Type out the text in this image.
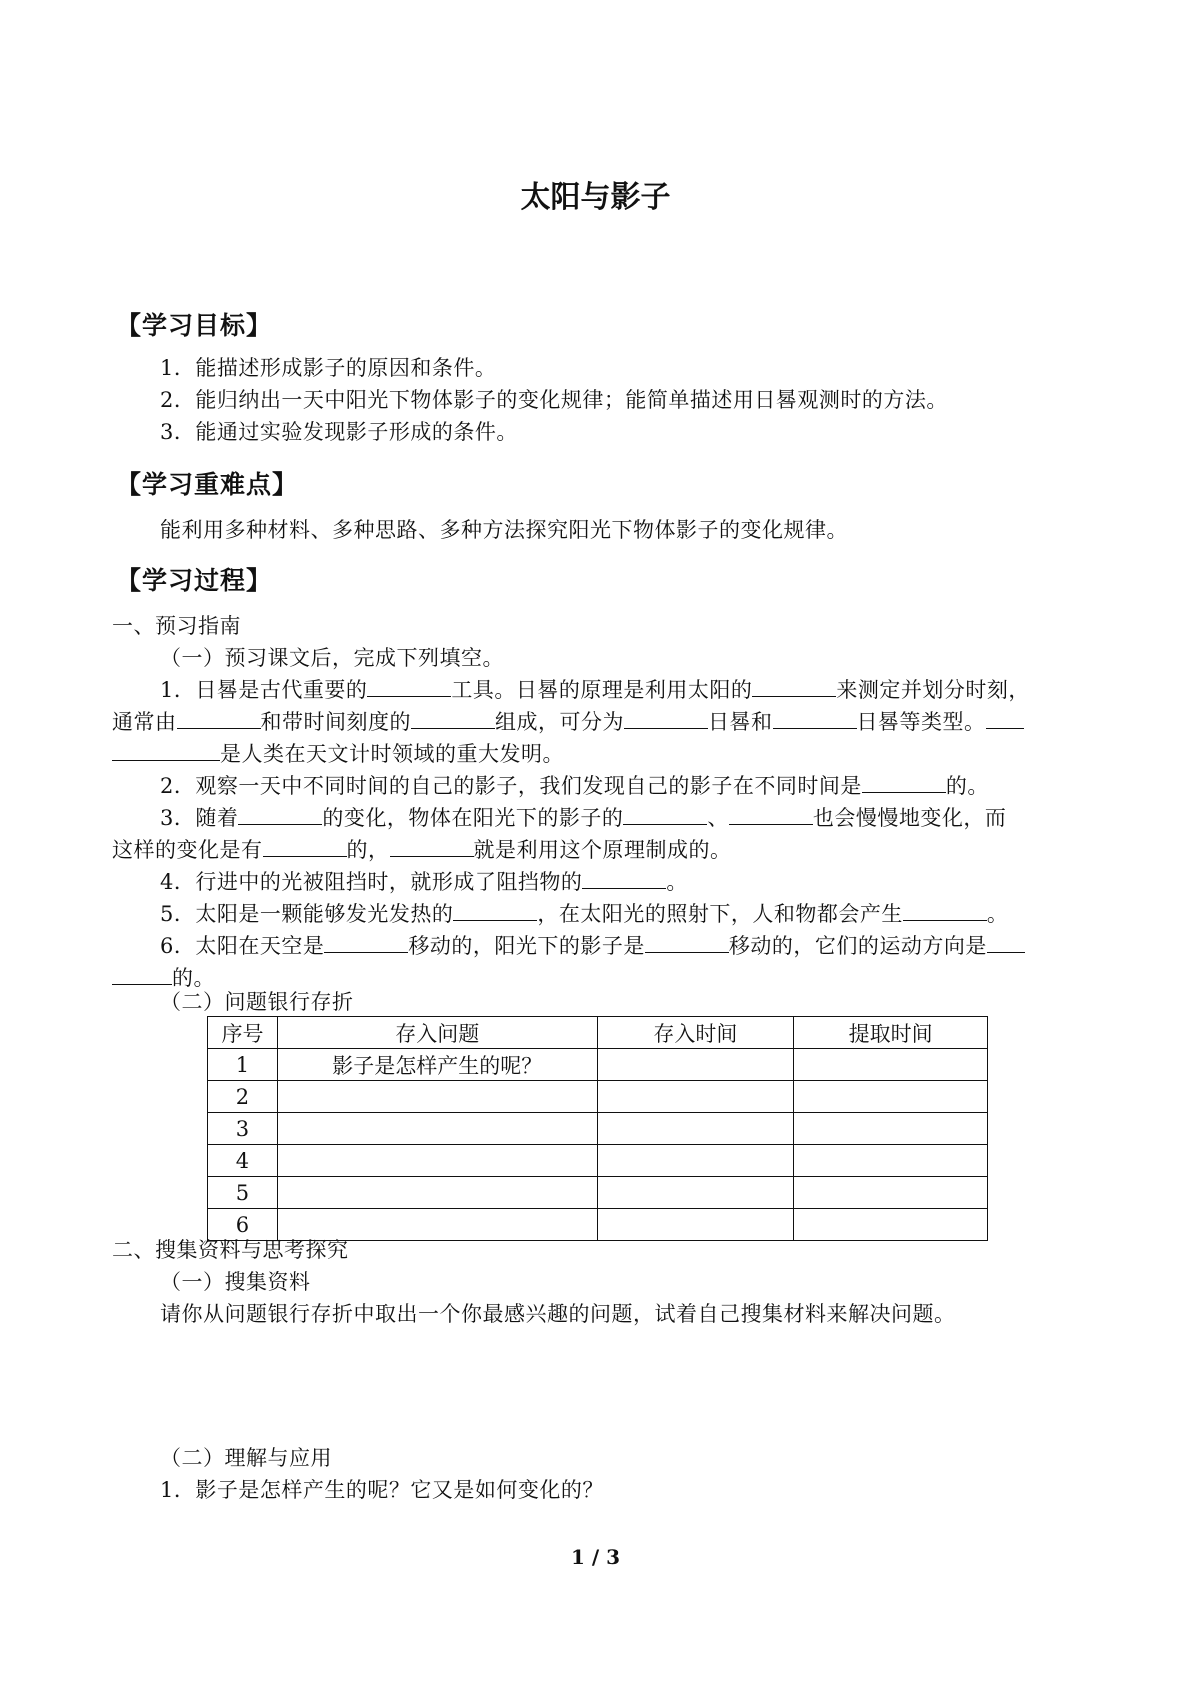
太阳与影子
【学习目标】
1．能描述形成影子的原因和条件。
2．能归纳出一天中阳光下物体影子的变化规律；能简单描述用日晷观测时的方法。
3．能通过实验发现影子形成的条件。
【学习重难点】
能利用多种材料、多种思路、多种方法探究阳光下物体影子的变化规律。
【学习过程】
一、预习指南
（一）预习课文后，完成下列填空。
1．日晷是古代重要的	工具。日晷的原理是利用太阳的	来测定并划分时刻，
通常由	和带时间刻度的	组成，可分为	日晷和	日晷等类型。
是人类在天文计时领域的重大发明。
2．观察一天中不同时间的自己的影子，我们发现自己的影子在不同时间是	的。
3．随着	的变化，物体在阳光下的影子的	、	也会慢慢地变化，而
这样的变化是有	的，	就是利用这个原理制成的。
4．行进中的光被阻挡时，就形成了阻挡物的	。
5．太阳是一颗能够发光发热的	，在太阳光的照射下，人和物都会产生	。
6．太阳在天空是	移动的，阳光下的影子是	移动的，它们的运动方向是
的。
（二）问题银行存折
序号	存入问题	存入时间	提取时间
1	影子是怎样产生的呢？		
2			
3			
4			
5			
6			
二、搜集资料与思考探究
（一）搜集资料
请你从问题银行存折中取出一个你最感兴趣的问题，试着自己搜集材料来解决问题。
（二）理解与应用
1．影子是怎样产生的呢？它又是如何变化的？
1 / 3
